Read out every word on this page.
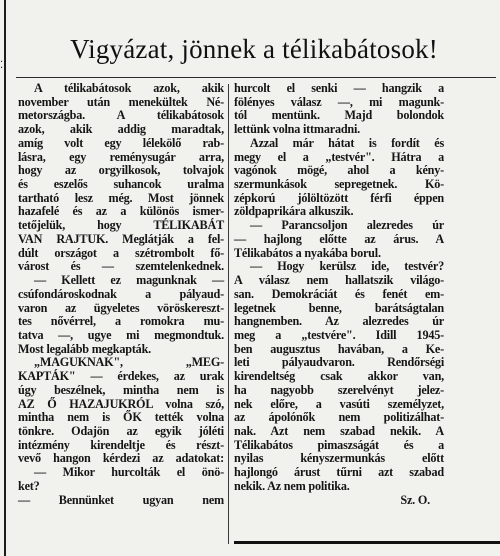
⁚
Vigyázat, jönnek a télikabátosok!
A télikabátosok azok, akik
november után menekültek Né-
metországba. A télikabátosok
azok, akik addig maradtak,
amíg volt egy lélekölő rab-
lásra, egy reménysugár arra,
hogy az orgyilkosok, tolvajok
és eszelős suhancok uralma
tartható lesz még. Most jönnek
hazafelé és az a különös ismer-
tetőjelük, hogy TÉLIKABÁT
VAN RAJTUK. Meglátják a fel-
dúlt országot a szétrombolt fő-
várost és — szemtelenkednek.
— Kellett ez magunknak —
csúfondároskodnak a pályaud-
varon az ügyeletes vöröskereszt-
tes nővérrel, a romokra mu-
tatva —, ugye mi megmondtuk.
Most legalább megkapták.
„MAGUKNAK", „MEG-
KAPTÁK" — érdekes, az urak
úgy beszélnek, mintha nem is
AZ Ő HAZAJUKRÓL volna szó,
mintha nem is ŐK tették volna
tönkre. Odajön az egyik jóléti
intézmény kirendeltje és részt-
vevő hangon kérdezi az adatokat:
— Mikor hurcolták el önö-
ket?
— Bennünket ugyan nem
hurcolt el senki — hangzik a
fölényes válasz —, mi magunk-
tól mentünk. Majd bolondok
lettünk volna ittmaradni.
Azzal már hátat is fordít és
megy el a „testvér". Hátra a
vagónok mögé, ahol a kény-
szermunkások sepregetnek. Kö-
zépkorú jólöltözött férfi éppen
zöldpaprikára alkuszik.
— Parancsoljon alezredes úr
— hajlong előtte az árus. A
Télikabátos a nyakába borul.
— Hogy kerülsz ide, testvér?
A válasz nem hallatszik világo-
san. Demokráciát és fenét em-
legetnek benne, barátságtalan
hangnemben. Az alezredes úr
meg a „testvére". Idill 1945-
ben augusztus havában, a Ke-
leti pályaudvaron. Rendőrségi
kirendeltség csak akkor van,
ha nagyobb szerelvényt jelez-
nek előre, a vasúti személyzet,
az ápolónők nem politizálhat-
nak. Azt nem szabad nekik. A
Télikabátos pimaszságát és a
nyilas kényszermunkás előtt
hajlongó árust tűrni azt szabad
nekik. Az nem politika.
Sz. O.
